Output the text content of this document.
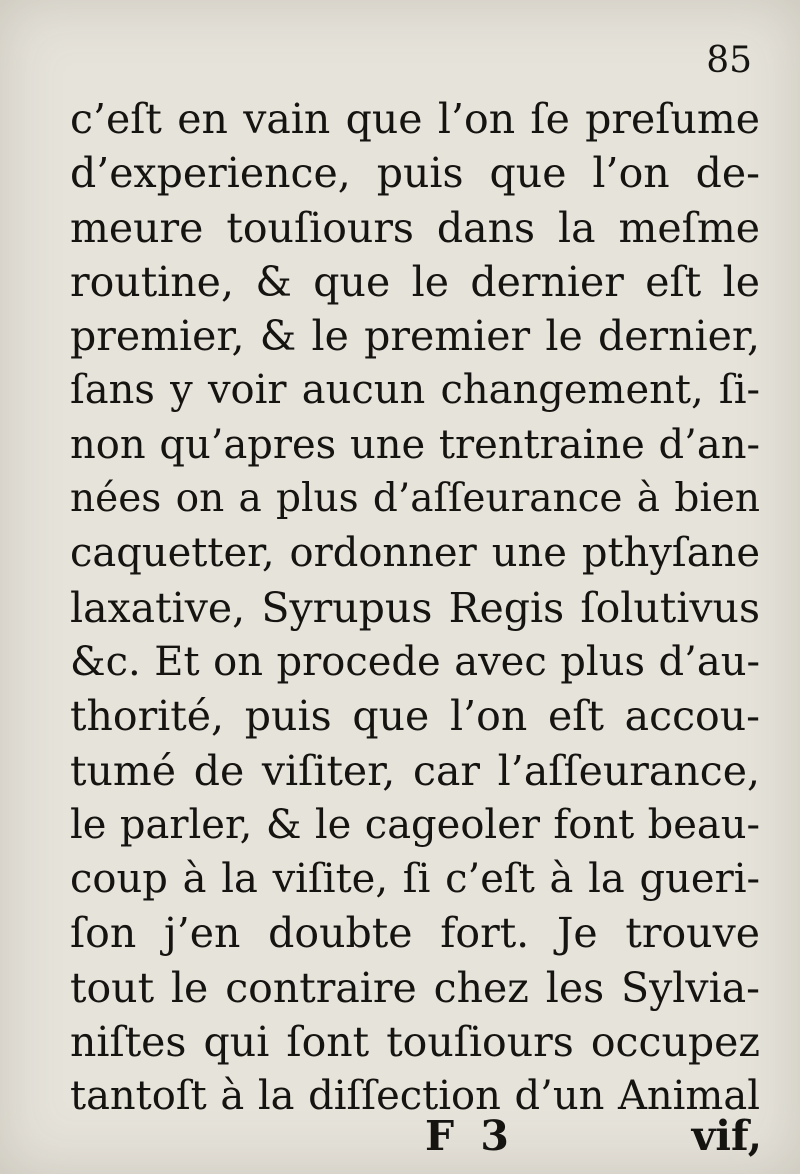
85
c’eſt en vain que l’on ſe preſume
d’experience, puis que l’on de-
meure touſiours dans la meſme
routine, & que le dernier eſt le
premier, & le premier le dernier,
ſans y voir aucun changement, ſi-
non qu’apres une trentraine d’an-
nées on a plus d’aſſeurance à bien
caquetter, ordonner une pthyſane
laxative, Syrupus Regis ſolutivus
&c. Et on procede avec plus d’au-
thorité, puis que l’on eſt accou-
tumé de viſiter, car l’aſſeurance,
le parler, & le cageoler font beau-
coup à la viſite, ſi c’eſt à la gueri-
ſon j’en doubte fort. Je trouve
tout le contraire chez les Sylvia-
niſtes qui ſont touſiours occupez
tantoſt à la diſſection d’un Animal
F 3	vif,
